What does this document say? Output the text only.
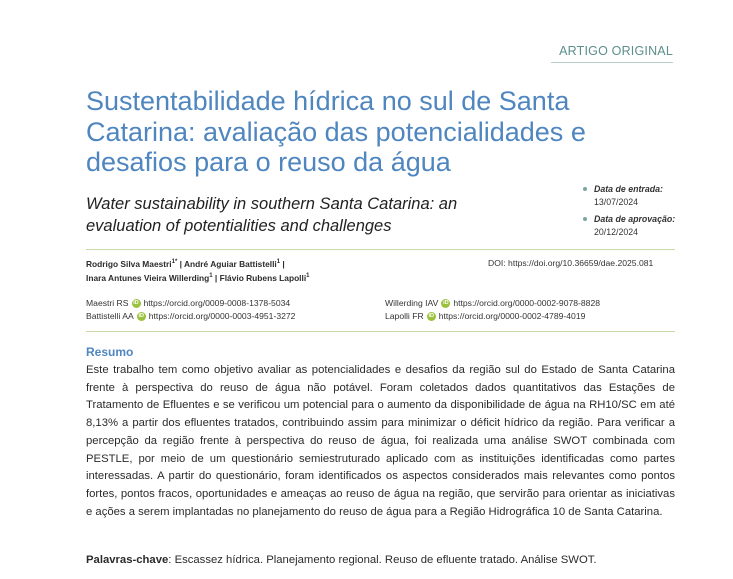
ARTIGO ORIGINAL
Sustentabilidade hídrica no sul de Santa Catarina: avaliação das potencialidades e desafios para o reuso da água
Water sustainability in southern Santa Catarina: an evaluation of potentialities and challenges
Data de entrada:
13/07/2024
Data de aprovação:
20/12/2024
Rodrigo Silva Maestri$^{1*}$ | André Aguiar Battistelli$^1$ |
Inara Antunes Vieira Willerding$^1$ | Flávio Rubens Lapolli$^1$
DOI: https://doi.org/10.36659/dae.2025.081
Maestri RS iD https://orcid.org/0009-0008-1378-5034
Battistelli AA iD https://orcid.org/0000-0003-4951-3272
Willerding IAV iD https://orcid.org/0000-0002-9078-8828
Lapolli FR iD https://orcid.org/0000-0002-4789-4019
Resumo
Este trabalho tem como objetivo avaliar as potencialidades e desafios da região sul do Estado de Santa Catarina frente à perspectiva do reuso de água não potável. Foram coletados dados quantitativos das Estações de Tratamento de Efluentes e se verificou um potencial para o aumento da disponibilidade de água na RH10/SC em até 8,13% a partir dos efluentes tratados, contribuindo assim para minimizar o déficit hídrico da região. Para verificar a percepção da região frente à perspectiva do reuso de água, foi realizada uma análise SWOT combinada com PESTLE, por meio de um questionário semiestruturado aplicado com as instituições identificadas como partes interessadas. A partir do questionário, foram identificados os aspectos considerados mais relevantes como pontos fortes, pontos fracos, oportunidades e ameaças ao reuso de água na região, que servirão para orientar as iniciativas e ações a serem implantadas no planejamento do reuso de água para a Região Hidrográfica 10 de Santa Catarina.
Palavras-chave: Escassez hídrica. Planejamento regional. Reuso de efluente tratado. Análise SWOT.
